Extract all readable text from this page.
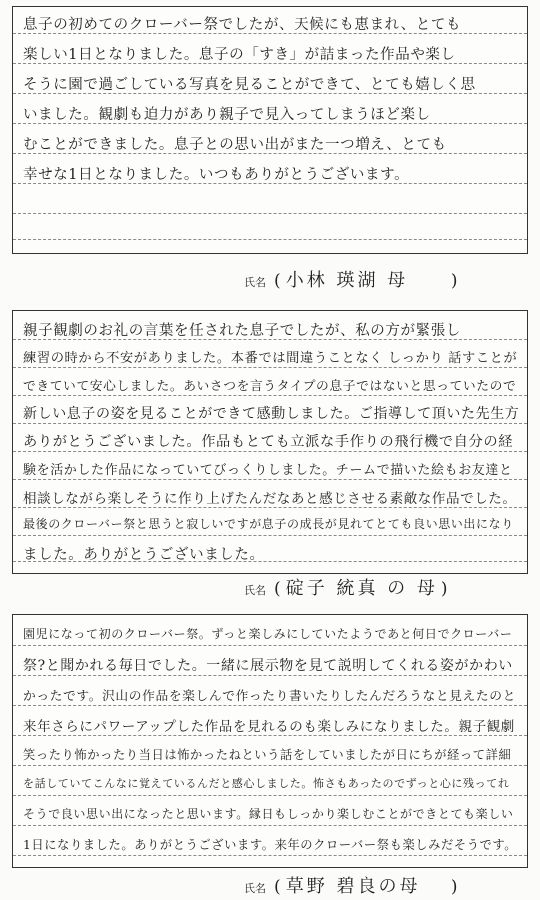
息子の初めてのクローバー祭でしたが、天候にも恵まれ、とても
楽しい1日となりました。息子の「すき」が詰まった作品や楽し
そうに園で過ごしている写真を見ることができて、とても嬉しく思
いました。観劇も迫力があり親子で見入ってしまうほど楽し
むことができました。息子との思い出がまた一つ増え、とても
幸せな1日となりました。いつもありがとうございます。
氏名 ( 小林 瑛湖 母	)
親子観劇のお礼の言葉を任された息子でしたが、私の方が緊張し
練習の時から不安がありました。本番では間違うことなく しっかり 話すことが
できていて安心しました。あいさつを言うタイプの息子ではないと思っていたので
新しい息子の姿を見ることができて感動しました。ご指導して頂いた先生方
ありがとうございました。作品もとても立派な手作りの飛行機で自分の経
験を活かした作品になっていてびっくりしました。チームで描いた絵もお友達と
相談しながら楽しそうに作り上げたんだなあと感じさせる素敵な作品でした。
最後のクローバー祭と思うと寂しいですが息子の成長が見れてとても良い思い出になり
ました。ありがとうございました。
氏名 ( 碇子 統真 の 母 )
園児になって初のクローバー祭。ずっと楽しみにしていたようであと何日でクローバー
祭?と聞かれる毎日でした。一緒に展示物を見て説明してくれる姿がかわい
かったです。沢山の作品を楽しんで作ったり書いたりしたんだろうなと見えたのと
来年さらにパワーアップした作品を見れるのも楽しみになりました。親子観劇
笑ったり怖かったり当日は怖かったねという話をしていましたが日にちが経って詳細
を話していてこんなに覚えているんだと感心しました。怖さもあったのでずっと心に残ってれ
そうで良い思い出になったと思います。縁日もしっかり楽しむことができとても楽しい
1日になりました。ありがとうございます。来年のクローバー祭も楽しみだそうです。
氏名 ( 草野 碧良の母 )
